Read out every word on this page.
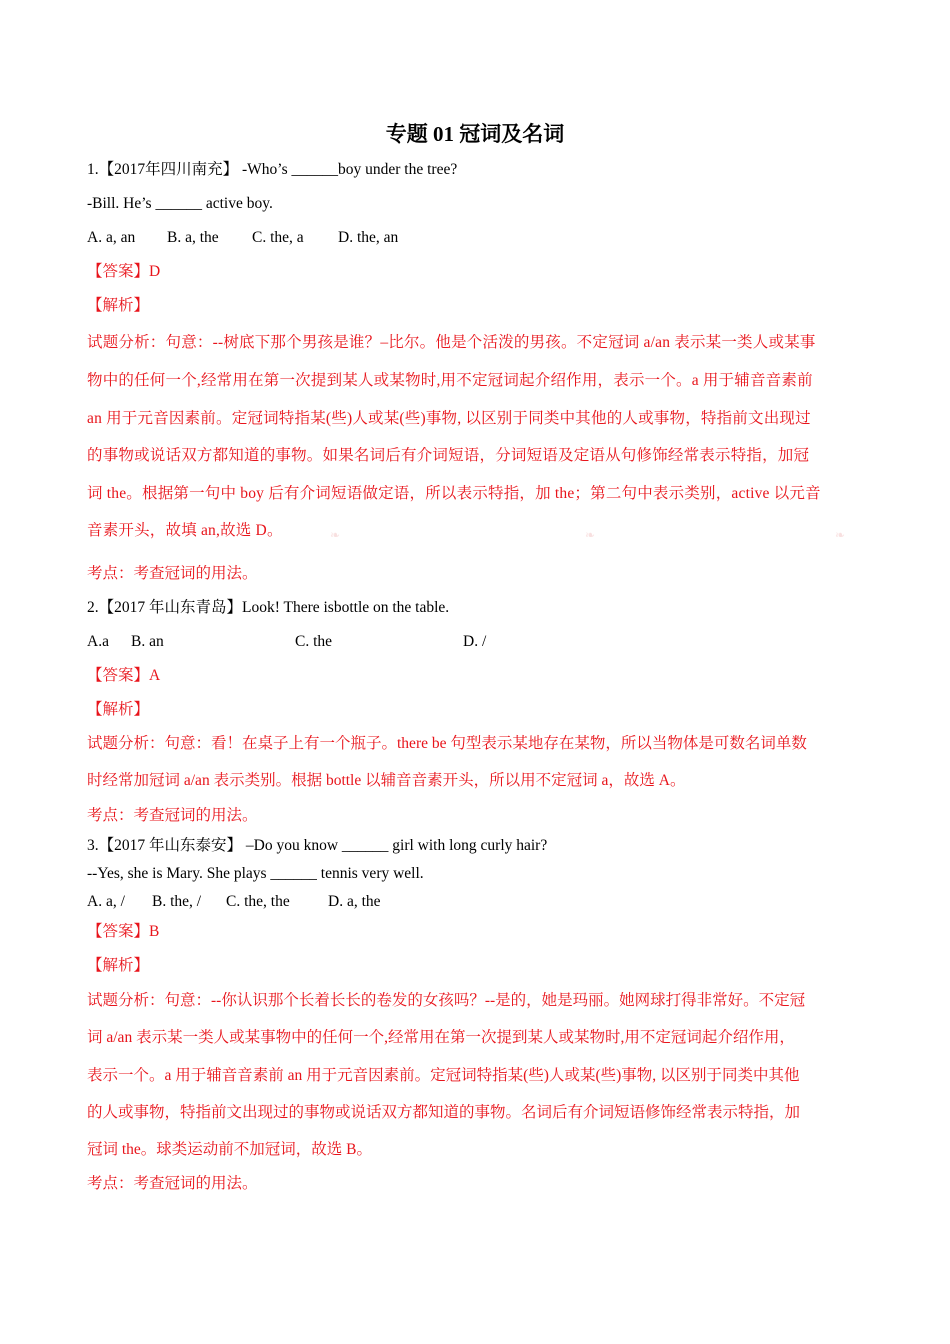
专题 01 冠词及名词
1.【2017年四川南充】 -Who’s ______boy under the tree?
-Bill. He’s ______ active boy.
A. a, an B. a, the C. the, a D. the, an
【答案】D
【解析】
试题分析：句意：--树底下那个男孩是谁？–比尔。他是个活泼的男孩。不定冠词 a/an 表示某一类人或某事
物中的任何一个,经常用在第一次提到某人或某物时,用不定冠词起介绍作用，表示一个。a 用于辅音音素前
an 用于元音因素前。定冠词特指某(些)人或某(些)事物, 以区别于同类中其他的人或事物，特指前文出现过
的事物或说话双方都知道的事物。如果名词后有介词短语，分词短语及定语从句修饰经常表示特指，加冠
词 the。根据第一句中 boy 后有介词短语做定语，所以表示特指，加 the；第二句中表示类别，active 以元音
音素开头，故填 an,故选 D。
考点：考查冠词的用法。
2.【2017 年山东青岛】Look! There isbottle on the table.
A.a B. an	C. the	D. /
【答案】A
【解析】
试题分析：句意：看！在桌子上有一个瓶子。there be 句型表示某地存在某物，所以当物体是可数名词单数
时经常加冠词 a/an 表示类别。根据 bottle 以辅音音素开头，所以用不定冠词 a，故选 A。
考点：考查冠词的用法。
3.【2017 年山东泰安】 –Do you know ______ girl with long curly hair?
--Yes, she is Mary. She plays ______ tennis very well.
A. a, / B. the, / C. the, the D. a, the
【答案】B
【解析】
试题分析：句意：--你认识那个长着长长的卷发的女孩吗？--是的，她是玛丽。她网球打得非常好。不定冠
词 a/an 表示某一类人或某事物中的任何一个,经常用在第一次提到某人或某物时,用不定冠词起介绍作用，
表示一个。a 用于辅音音素前 an 用于元音因素前。定冠词特指某(些)人或某(些)事物, 以区别于同类中其他
的人或事物，特指前文出现过的事物或说话双方都知道的事物。名词后有介词短语修饰经常表示特指，加
冠词 the。球类运动前不加冠词，故选 B。
考点：考查冠词的用法。
❧	❧	❧
